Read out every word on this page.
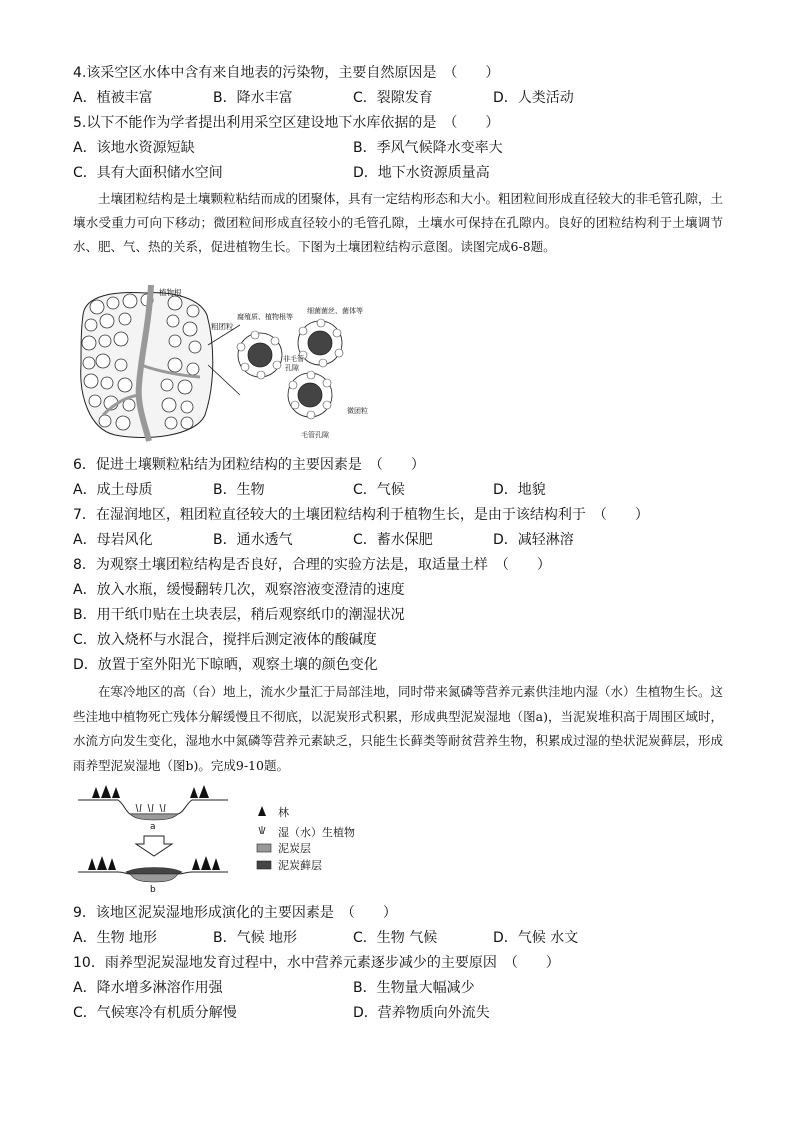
4.该采空区水体中含有来自地表的污染物，主要自然原因是　（　　）
A．植被丰富	B．降水丰富	C．裂隙发育	D．人类活动
5.以下不能作为学者提出利用采空区建设地下水库依据的是　（　　）
A．该地水资源短缺	B．季风气候降水变率大
C．具有大面积储水空间	D．地下水资源质量高
土壤团粒结构是土壤颗粒粘结而成的团聚体，具有一定结构形态和大小。粗团粒间形成直径较大的非毛管孔隙，土壤水受重力可向下移动；微团粒间形成直径较小的毛管孔隙，土壤水可保持在孔隙内。良好的团粒结构利于土壤调节水、肥、气、热的关系，促进植物生长。下图为土壤团粒结构示意图。读图完成6-8题。
植物根
粗团粒
腐殖质、植物根等
细菌菌丝、菌体等
非毛管
孔隙
微团粒
毛管孔隙
6．促进土壤颗粒粘结为团粒结构的主要因素是　（　　）
A．成土母质	B．生物	C．气候	D．地貌
7．在湿润地区，粗团粒直径较大的土壤团粒结构利于植物生长，是由于该结构利于　（　　）
A．母岩风化	B．通水透气	C．蓄水保肥	D．减轻淋溶
8．为观察土壤团粒结构是否良好，合理的实验方法是，取适量土样　（　　）
A．放入水瓶，缓慢翻转几次，观察溶液变澄清的速度
B．用干纸巾贴在土块表层，稍后观察纸巾的潮湿状况
C．放入烧杯与水混合，搅拌后测定液体的酸碱度
D．放置于室外阳光下晾晒，观察土壤的颜色变化
在寒冷地区的高（台）地上，流水少量汇于局部洼地，同时带来氮磷等营养元素供洼地内湿（水）生植物生长。这些洼地中植物死亡残体分解缓慢且不彻底，以泥炭形式积累，形成典型泥炭湿地（图a)，当泥炭堆积高于周围区域时，水流方向发生变化，湿地水中氮磷等营养元素缺乏，只能生长藓类等耐贫营养生物，积累成过湿的垫状泥炭藓层，形成雨养型泥炭湿地（图b)。完成9-10题。
a
b
林
湿（水）生植物
泥炭层
泥炭藓层
9．该地区泥炭湿地形成演化的主要因素是　（　　）
A．生物 地形	B．气候 地形	C．生物 气候	D．气候 水文
10．雨养型泥炭湿地发育过程中，水中营养元素逐步减少的主要原因　（　　）
A．降水增多淋溶作用强	B．生物量大幅减少
C．气候寒冷有机质分解慢	D．营养物质向外流失
